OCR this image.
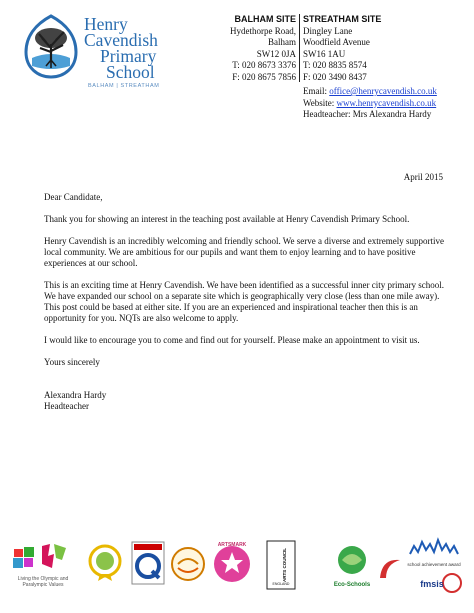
Henry
Cavendish
Primary
School
BALHAM | STREATHAM
BALHAM SITE
Hydethorpe Road,
Balham
SW12 0JA
T: 020 8673 3376
F: 020 8675 7856
STREATHAM SITE
Dingley Lane
Woodfield Avenue
SW16 1AU
T: 020 8835 8574
F: 020 3490 8437
Email: office@henrycavendish.co.uk
Website: www.henrycavendish.co.uk
Headteacher: Mrs Alexandra Hardy
April 2015

Dear Candidate,

Thank you for showing an interest in the teaching post available at Henry Cavendish Primary School.

Henry Cavendish is an incredibly welcoming and friendly school. We serve a diverse and extremely supportive local community. We are ambitious for our pupils and want them to enjoy learning and to have positive experiences at our school.

This is an exciting time at Henry Cavendish. We have been identified as a successful inner city primary school. We have expanded our school on a separate site which is geographically very close (less than one mile away). This post could be based at either site. If you are an experienced and inspirational teacher then this is an opportunity for you. NQTs are also welcome to apply.

I would like to encourage you to come and find out for yourself. Please make an appointment to visit us.

Yours sincerely

Alexandra Hardy
Headteacher
Living the Olympic and Paralympic Values
ARTSMARK
ARTS COUNCIL
ENGLAND	Eco-Schools
school achievement award
fmsis
